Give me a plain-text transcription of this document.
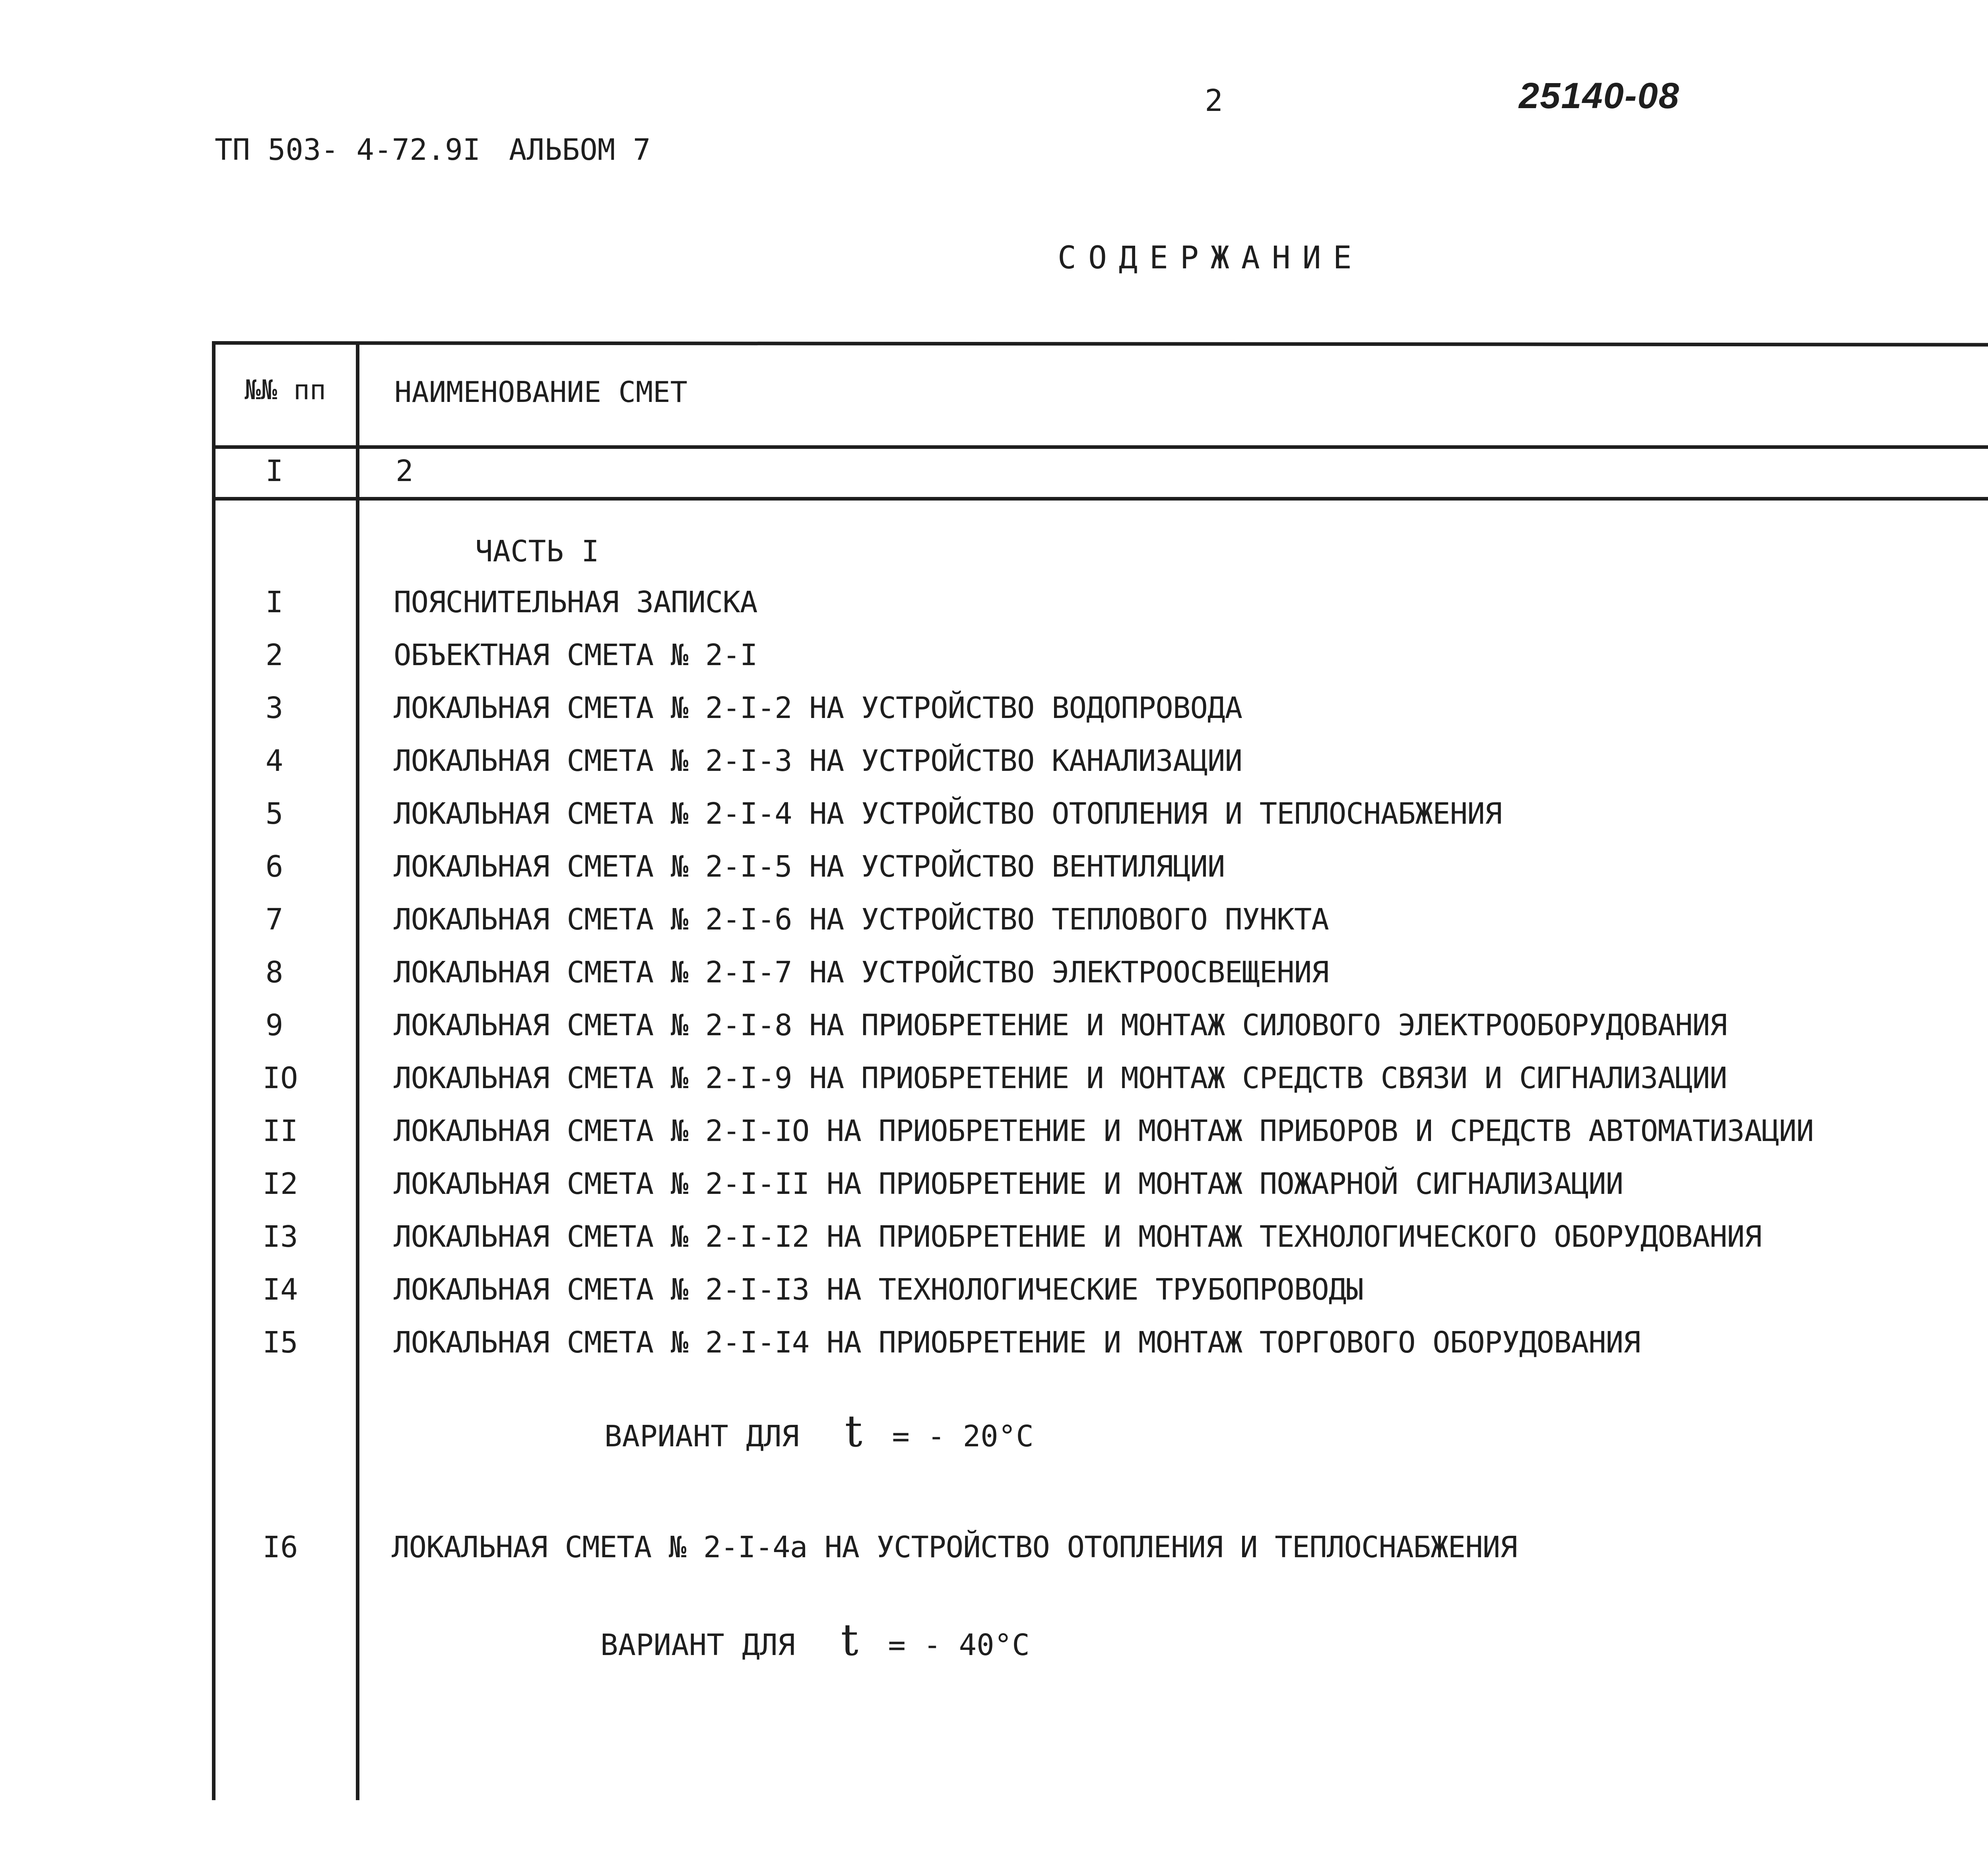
2	25140-08
ТП 503- 4-72.9I АЛЬБОМ 7
СОДЕРЖАНИЕ
№№ пп	НАИМЕНОВАНИЕ СМЕТ
I	2
ЧАСТЬ I
I	ПОЯСНИТЕЛЬНАЯ ЗАПИСКА
2	ОБЪЕКТНАЯ СМЕТА № 2-I
3	ЛОКАЛЬНАЯ СМЕТА № 2-I-2 НА УСТРОЙСТВО ВОДОПРОВОДА
4	ЛОКАЛЬНАЯ СМЕТА № 2-I-3 НА УСТРОЙСТВО КАНАЛИЗАЦИИ
5	ЛОКАЛЬНАЯ СМЕТА № 2-I-4 НА УСТРОЙСТВО ОТОПЛЕНИЯ И ТЕПЛОСНАБЖЕНИЯ
6	ЛОКАЛЬНАЯ СМЕТА № 2-I-5 НА УСТРОЙСТВО ВЕНТИЛЯЦИИ
7	ЛОКАЛЬНАЯ СМЕТА № 2-I-6 НА УСТРОЙСТВО ТЕПЛОВОГО ПУНКТА
8	ЛОКАЛЬНАЯ СМЕТА № 2-I-7 НА УСТРОЙСТВО ЭЛЕКТРООСВЕЩЕНИЯ
9	ЛОКАЛЬНАЯ СМЕТА № 2-I-8 НА ПРИОБРЕТЕНИЕ И МОНТАЖ СИЛОВОГО ЭЛЕКТРООБОРУДОВАНИЯ
IO	ЛОКАЛЬНАЯ СМЕТА № 2-I-9 НА ПРИОБРЕТЕНИЕ И МОНТАЖ СРЕДСТВ СВЯЗИ И СИГНАЛИЗАЦИИ
II	ЛОКАЛЬНАЯ СМЕТА № 2-I-IO НА ПРИОБРЕТЕНИЕ И МОНТАЖ ПРИБОРОВ И СРЕДСТВ АВТОМАТИЗАЦИИ
I2	ЛОКАЛЬНАЯ СМЕТА № 2-I-II НА ПРИОБРЕТЕНИЕ И МОНТАЖ ПОЖАРНОЙ СИГНАЛИЗАЦИИ
I3	ЛОКАЛЬНАЯ СМЕТА № 2-I-I2 НА ПРИОБРЕТЕНИЕ И МОНТАЖ ТЕХНОЛОГИЧЕСКОГО ОБОРУДОВАНИЯ
I4	ЛОКАЛЬНАЯ СМЕТА № 2-I-I3 НА ТЕХНОЛОГИЧЕСКИЕ ТРУБОПРОВОДЫ
I5	ЛОКАЛЬНАЯ СМЕТА № 2-I-I4 НА ПРИОБРЕТЕНИЕ И МОНТАЖ ТОРГОВОГО ОБОРУДОВАНИЯ
ВАРИАНТ ДЛЯ t = - 20°С
I6	ЛОКАЛЬНАЯ СМЕТА № 2-I-4а НА УСТРОЙСТВО ОТОПЛЕНИЯ И ТЕПЛОСНАБЖЕНИЯ
ВАРИАНТ ДЛЯ t = - 40°С
